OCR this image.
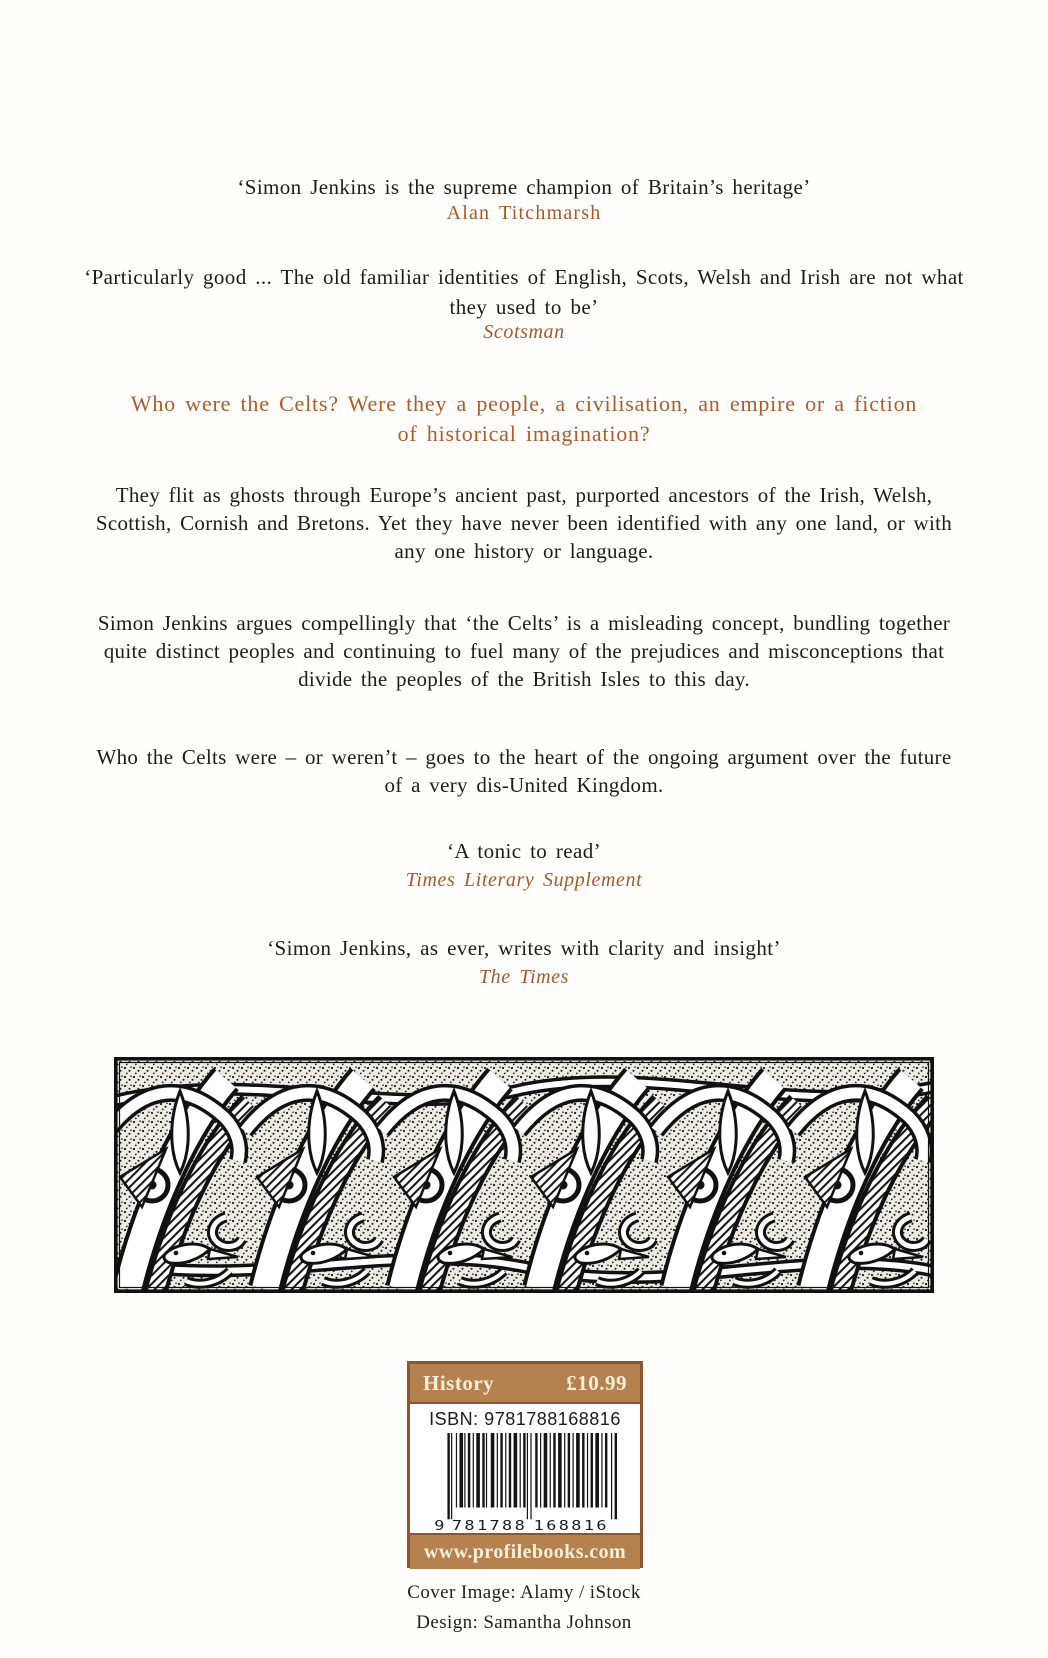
‘Simon Jenkins is the supreme champion of Britain’s heritage’

Alan Titchmarsh

‘Particularly good ... The old familiar identities of English, Scots, Welsh and Irish are not what they used to be’

Scotsman

Who were the Celts? Were they a people, a civilisation, an empire or a fiction of historical imagination?

They flit as ghosts through Europe’s ancient past, purported ancestors of the Irish, Welsh, Scottish, Cornish and Bretons. Yet they have never been identified with any one land, or with any one history or language.

Simon Jenkins argues compellingly that ‘the Celts’ is a misleading concept, bundling together quite distinct peoples and continuing to fuel many of the prejudices and misconceptions that divide the peoples of the British Isles to this day.

Who the Celts were – or weren’t – goes to the heart of the ongoing argument over the future of a very dis-United Kingdom.

‘A tonic to read’

Times Literary Supplement

‘Simon Jenkins, as ever, writes with clarity and insight’

The Times

History	£10.99
ISBN: 9781788168816
9 781788 168816
www.profilebooks.com
Cover Image: Alamy / iStock
Design: Samantha Johnson
